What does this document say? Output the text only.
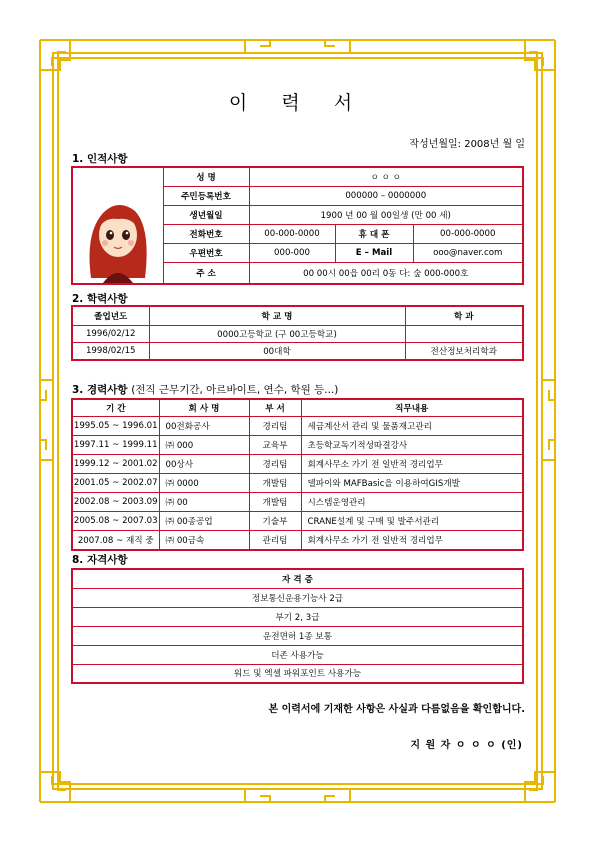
이 력 서
작성년월일: 2008년 월 일
1. 인적사항
	성 명	ㅇ ㅇ ㅇ		
	주민등록번호	000000 – 0000000		
	생년월일	1900 년 00 월 00일생 (만 00 세)		
	전화번호	00-000-0000	휴 대 폰	00-000-0000
	우편번호	000-000	E – Mail	ooo@naver.com
	주 소	00 00시 00읍 00리 0동 다: 숲 000-000호		
2. 학력사항
졸업년도	학 교 명	학 과
1996/02/12	0000고등학교 (구 00고등학교)	
1998/02/15	00대학	전산정보처리학과
3. 경력사항 (전직 근무기간, 아르바이트, 연수, 학원 등...)
기 간	회 사 명	부 서	직무내용
1995.05 ~ 1996.01	00전화공사	경리팀	세금계산서 관리 및 물품재고관리
1997.11 ~ 1999.11	㈜ 000	교육부	초등학교독기적성따결강사
1999.12 ~ 2001.02	00상사	경리팀	회계사무소 가기 전 일반적 경리업무
2001.05 ~ 2002.07	㈜ 0000	개발팀	델파이와 MAFBasic을 이용하여GIS개발
2002.08 ~ 2003.09	㈜ 00	개발팀	시스템운영관리
2005.08 ~ 2007.03	㈜ 00종공업	기술부	CRANE설계 및 구매 및 발주서관리
2007.08 ~ 재직 중	㈜ 00금속	관리팀	회계사무소 가기 전 일반적 경리업무
8. 자격사항
자 격 증
정보통신운용기능사 2급
부기 2, 3급
운전면허 1종 보통
더존 사용가능
워드 및 엑셀 파워포인트 사용가능
본 이력서에 기재한 사항은 사실과 다름없음을 확인합니다.
지 원 자 ㅇ ㅇ ㅇ (인)
